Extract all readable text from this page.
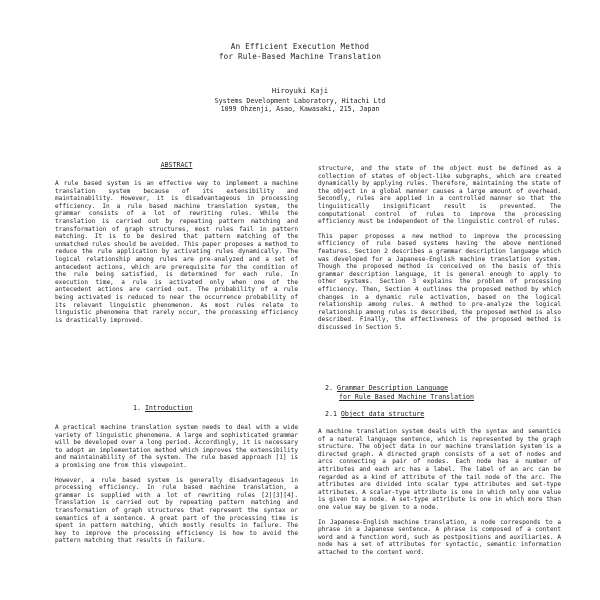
An Efficient Execution Method
for Rule-Based Machine Translation
Hiroyuki Kaji
Systems Development Laboratory, Hitachi Ltd
1099 Ohzenji, Asao, Kawasaki, 215, Japan
ABSTRACT

A rule based system is an effective way to implement a machine translation system because of its extensibility and maintainability. However, it is disadvantageous in processing efficiency. In a rule based machine translation system, the grammar consists of a lot of rewriting rules. While the translation is carried out by repeating pattern matching and transformation of graph structures, most rules fail in pattern matching. It is to be desired that pattern matching of the unmatched rules should be avoided. This paper proposes a method to reduce the rule application by activating rules dynamically. The logical relationship among rules are pre-analyzed and a set of antecedent actions, which are prerequisite for the condition of the rule being satisfied, is determined for each rule. In execution time, a rule is activated only when one of the antecedent actions are carried out. The probability of a rule being activated is reduced to near the occurrence probability of its relevant linguistic phenomenon. As most rules relate to linguistic phenomena that rarely occur, the processing efficiency is drastically improved.

1. Introduction

A practical machine translation system needs to deal with a wide variety of linguistic phenomena. A large and sophisticated grammar will be developed over a long period. Accordingly, it is necessary to adopt an implementation method which improves the extensibility and maintainability of the system. The rule based approach [1] is a promising one from this viewpoint.

However, a rule based system is generally disadvantageous in processing efficiency. In rule based machine translation, a grammar is supplied with a lot of rewriting rules [2][3][4]. Translation is carried out by repeating pattern matching and transformation of graph structures that represent the syntax or semantics of a sentence. A great part of the processing time is spent in pattern matching, which mostly results in failure. The key to improve the processing efficiency is how to avoid the pattern matching that results in failure.

structure, and the state of the object must be defined as a collection of states of object-like subgraphs, which are created dynamically by applying rules. Therefore, maintaining the state of the object in a global manner causes a large amount of overhead. Secondly, rules are applied in a controlled manner so that the linguistically insignificant result is prevented. The computational control of rules to improve the processing efficiency must be independent of the linguistic control of rules.

This paper proposes a new method to improve the processing efficiency of rule based systems having the above mentioned features. Section 2 describes a grammar description language which was developed for a Japanese-English machine translation system. Though the proposed method is conceived on the basis of this grammar description language, it is general enough to apply to other systems. Section 3 explains the problem of processing efficiency. Then, Section 4 outlines the proposed method by which changes in a dynamic rule activation, based on the logical relationship among rules. A method to pre-analyze the logical relationship among rules is described, the proposed method is also described. Finally, the effectiveness of the proposed method is discussed in Section 5.

2. Grammar Description Language
for Rule Based Machine Translation
2.1 Object data structure

A machine translation system deals with the syntax and semantics of a natural language sentence, which is represented by the graph structure. The object data in our machine translation system is a directed graph. A directed graph consists of a set of nodes and arcs connecting a pair of nodes. Each node has a number of attributes and each arc has a label. The label of an arc can be regarded as a kind of attribute of the tail node of the arc. The attributes are divided into scalar type attributes and set-type attributes. A scalar-type attribute is one in which only one value is given to a node. A set-type attribute is one in which more than one value may be given to a node.

In Japanese-English machine translation, a node corresponds to a phrase in a Japanese sentence. A phrase is composed of a content word and a function word, such as postpositions and auxiliaries. A node has a set of attributes for syntactic, semantic information attached to the content word.
